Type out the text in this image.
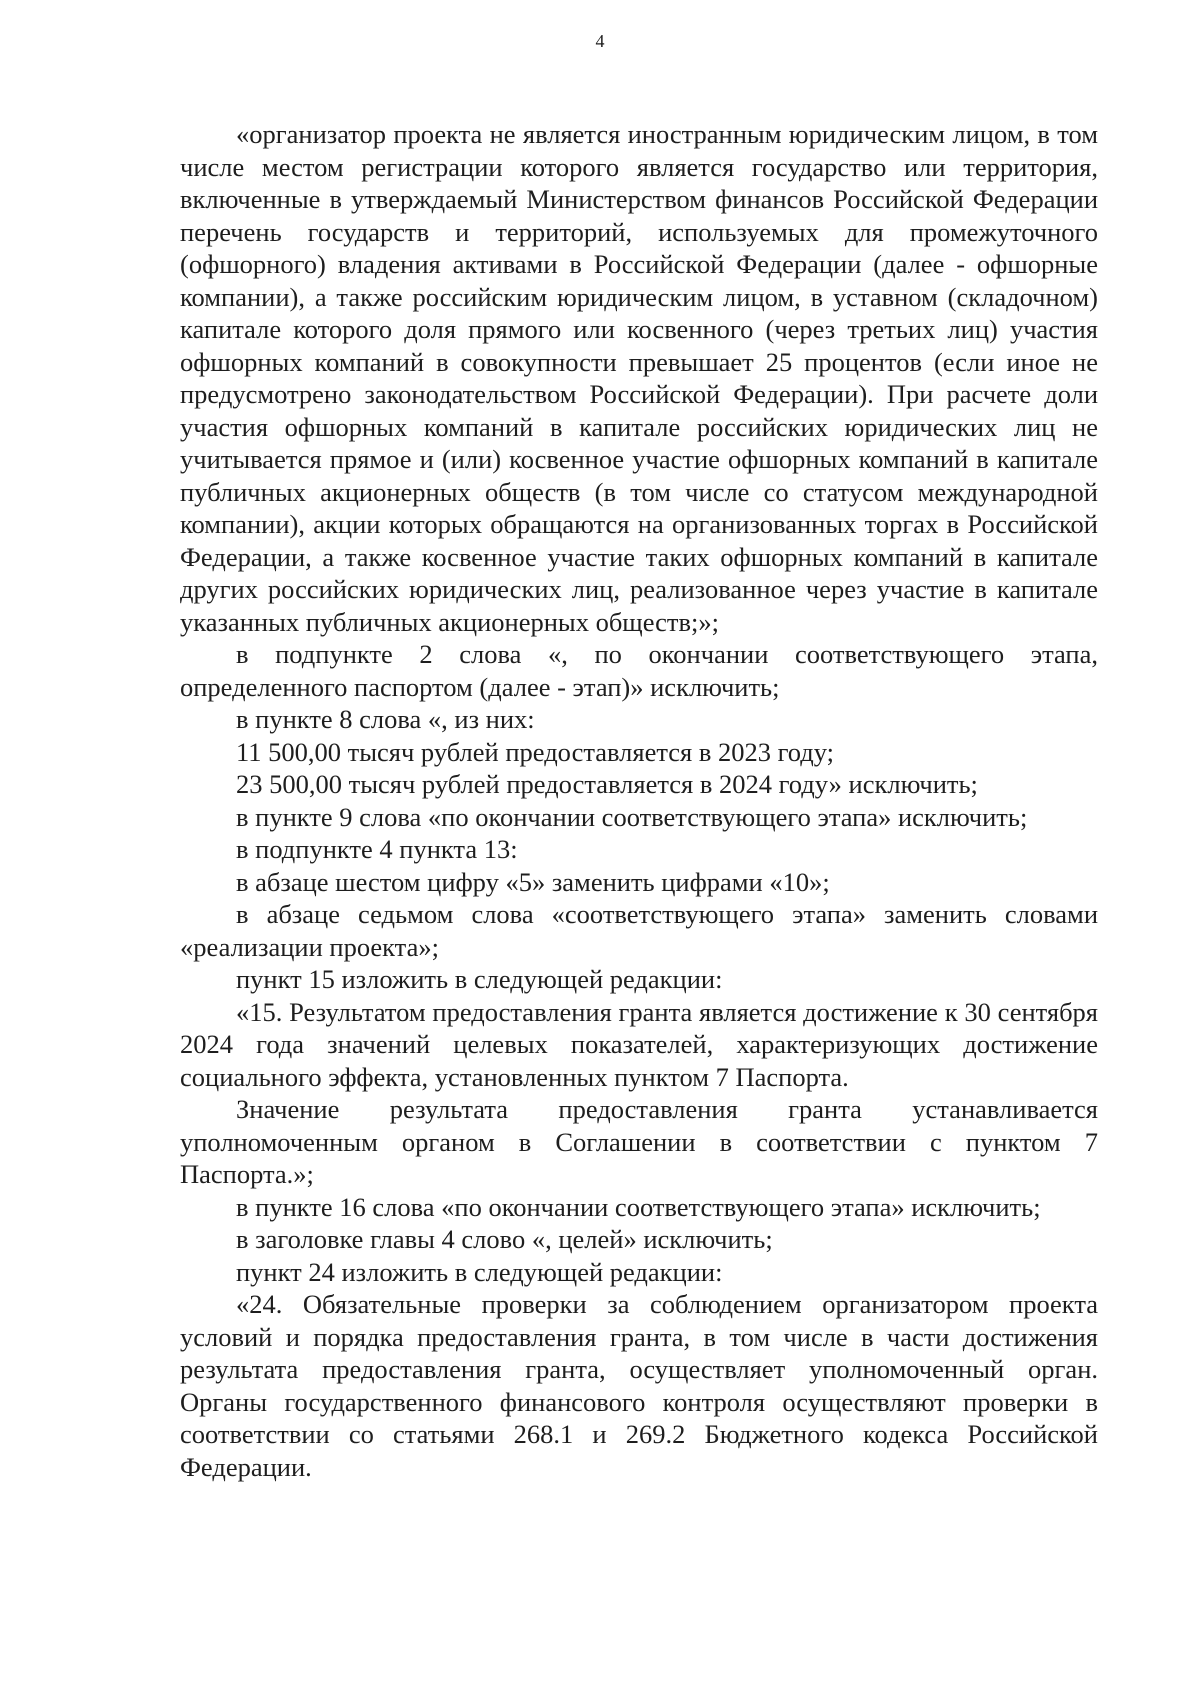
4

«организатор проекта не является иностранным юридическим лицом, в том числе местом регистрации которого является государство или территория, включенные в утверждаемый Министерством финансов Российской Федерации перечень государств и территорий, используемых для промежуточного (офшорного) владения активами в Российской Федерации (далее - офшорные компании), а также российским юридическим лицом, в уставном (складочном) капитале которого доля прямого или косвенного (через третьих лиц) участия офшорных компаний в совокупности превышает 25 процентов (если иное не предусмотрено законодательством Российской Федерации). При расчете доли участия офшорных компаний в капитале российских юридических лиц не учитывается прямое и (или) косвенное участие офшорных компаний в капитале публичных акционерных обществ (в том числе со статусом международной компании), акции которых обращаются на организованных торгах в Российской Федерации, а также косвенное участие таких офшорных компаний в капитале других российских юридических лиц, реализованное через участие в капитале указанных публичных акционерных обществ;»;

в подпункте 2 слова «, по окончании соответствующего этапа, определенного паспортом (далее - этап)» исключить;

в пункте 8 слова «, из них:

11 500,00 тысяч рублей предоставляется в 2023 году;

23 500,00 тысяч рублей предоставляется в 2024 году» исключить;

в пункте 9 слова «по окончании соответствующего этапа» исключить;

в подпункте 4 пункта 13:

в абзаце шестом цифру «5» заменить цифрами «10»;

в абзаце седьмом слова «соответствующего этапа» заменить словами «реализации проекта»;

пункт 15 изложить в следующей редакции:

«15. Результатом предоставления гранта является достижение к 30 сентября 2024 года значений целевых показателей, характеризующих достижение социального эффекта, установленных пунктом 7 Паспорта.

Значение результата предоставления гранта устанавливается уполномоченным органом в Соглашении в соответствии с пунктом 7 Паспорта.»;

в пункте 16 слова «по окончании соответствующего этапа» исключить;

в заголовке главы 4 слово «, целей» исключить;

пункт 24 изложить в следующей редакции:

«24. Обязательные проверки за соблюдением организатором проекта условий и порядка предоставления гранта, в том числе в части достижения результата предоставления гранта, осуществляет уполномоченный орган. Органы государственного финансового контроля осуществляют проверки в соответствии со статьями 268.1 и 269.2 Бюджетного кодекса Российской Федерации.
